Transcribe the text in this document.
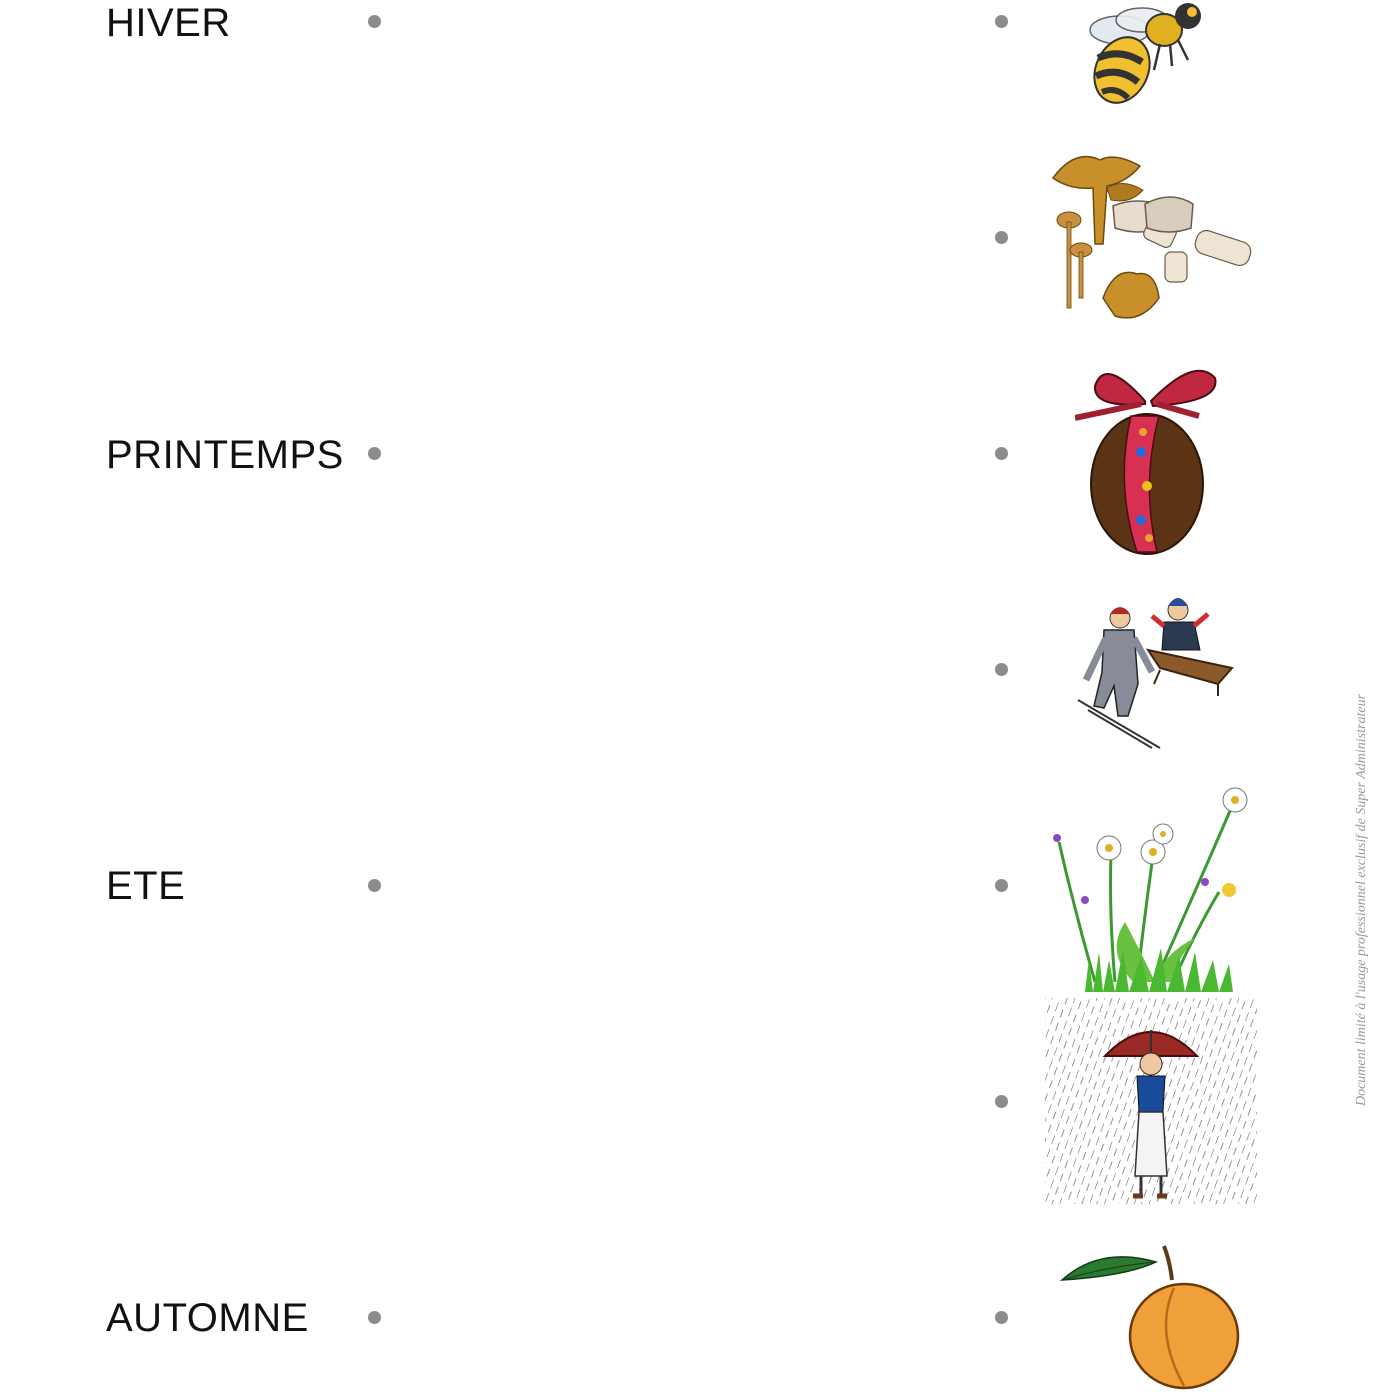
HIVER
PRINTEMPS
ETE
AUTOMNE
Document limité à l'usage professionnel exclusif de Super Administrateur
